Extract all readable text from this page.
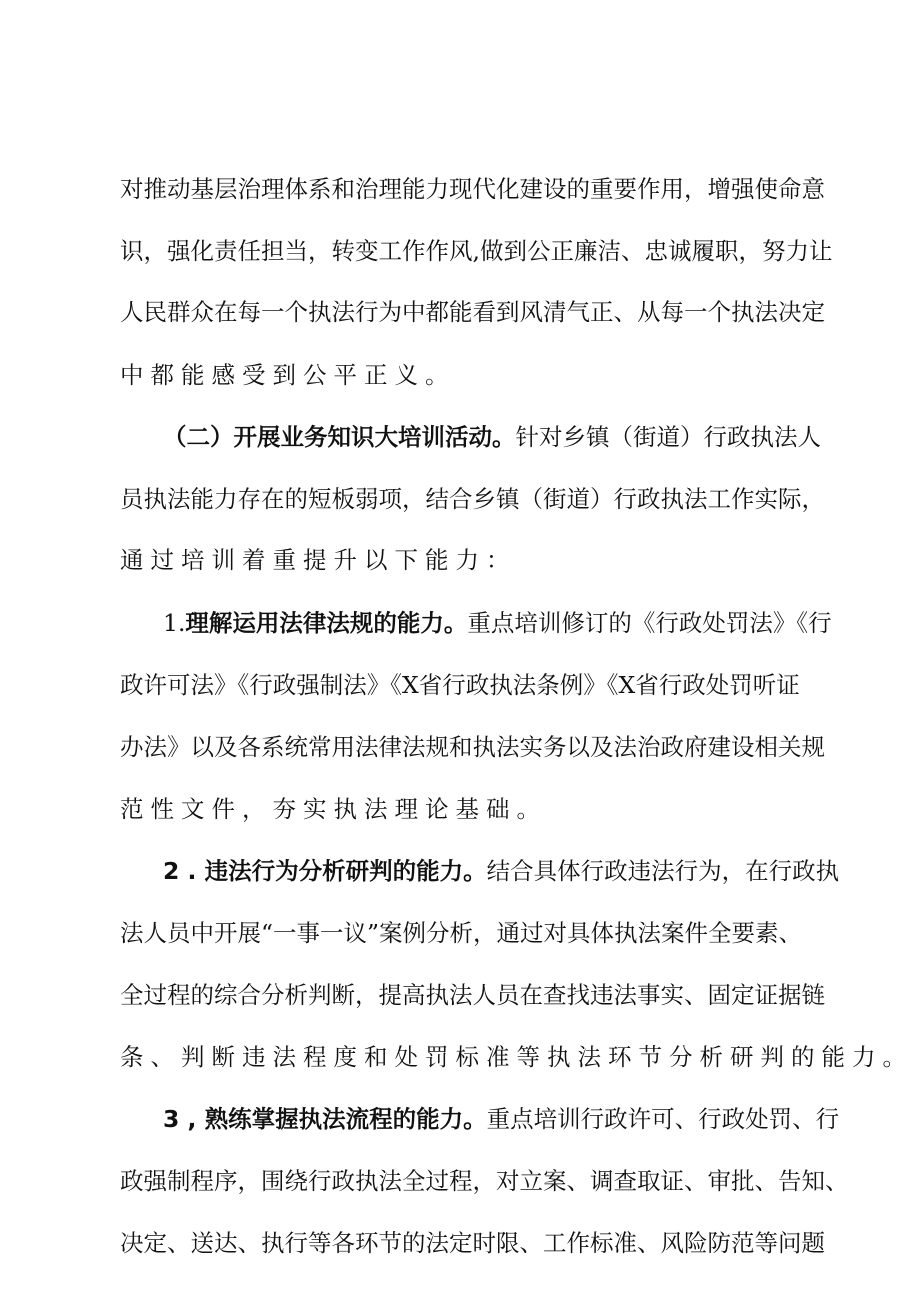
对推动基层治理体系和治理能力现代化建设的重要作用，增强使命意
识，强化责任担当，转变工作作风,做到公正廉洁、忠诚履职，努力让
人民群众在每一个执法行为中都能看到风清气正、从每一个执法决定
中都能感受到公平正义。
（二）开展业务知识大培训活动。 针对乡镇（街道）行政执法人
员执法能力存在的短板弱项，结合乡镇（街道）行政执法工作实际，
通过培训着重提升以下能力：
1. 理解运用法律法规的能力。 重点培训修订的《行政处罚法》《行
政许可法》《行政强制法》《X省行政执法条例》《X省行政处罚听证
办法》以及各系统常用法律法规和执法实务以及法治政府建设相关规
范性文件，夯实执法理论基础。
2 . 违法行为分析研判的能力。 结合具体行政违法行为，在行政执
法人员中开展“一事一议”案例分析，通过对具体执法案件全要素、
全过程的综合分析判断，提高执法人员在查找违法事实、固定证据链
条、判断违法程度和处罚标准等执法环节分析研判的能力。
3 , 熟练掌握执法流程的能力。 重点培训行政许可、行政处罚、行
政强制程序，围绕行政执法全过程，对立案、调查取证、审批、告知、
决定、送达、执行等各环节的法定时限、工作标准、风险防范等问题
